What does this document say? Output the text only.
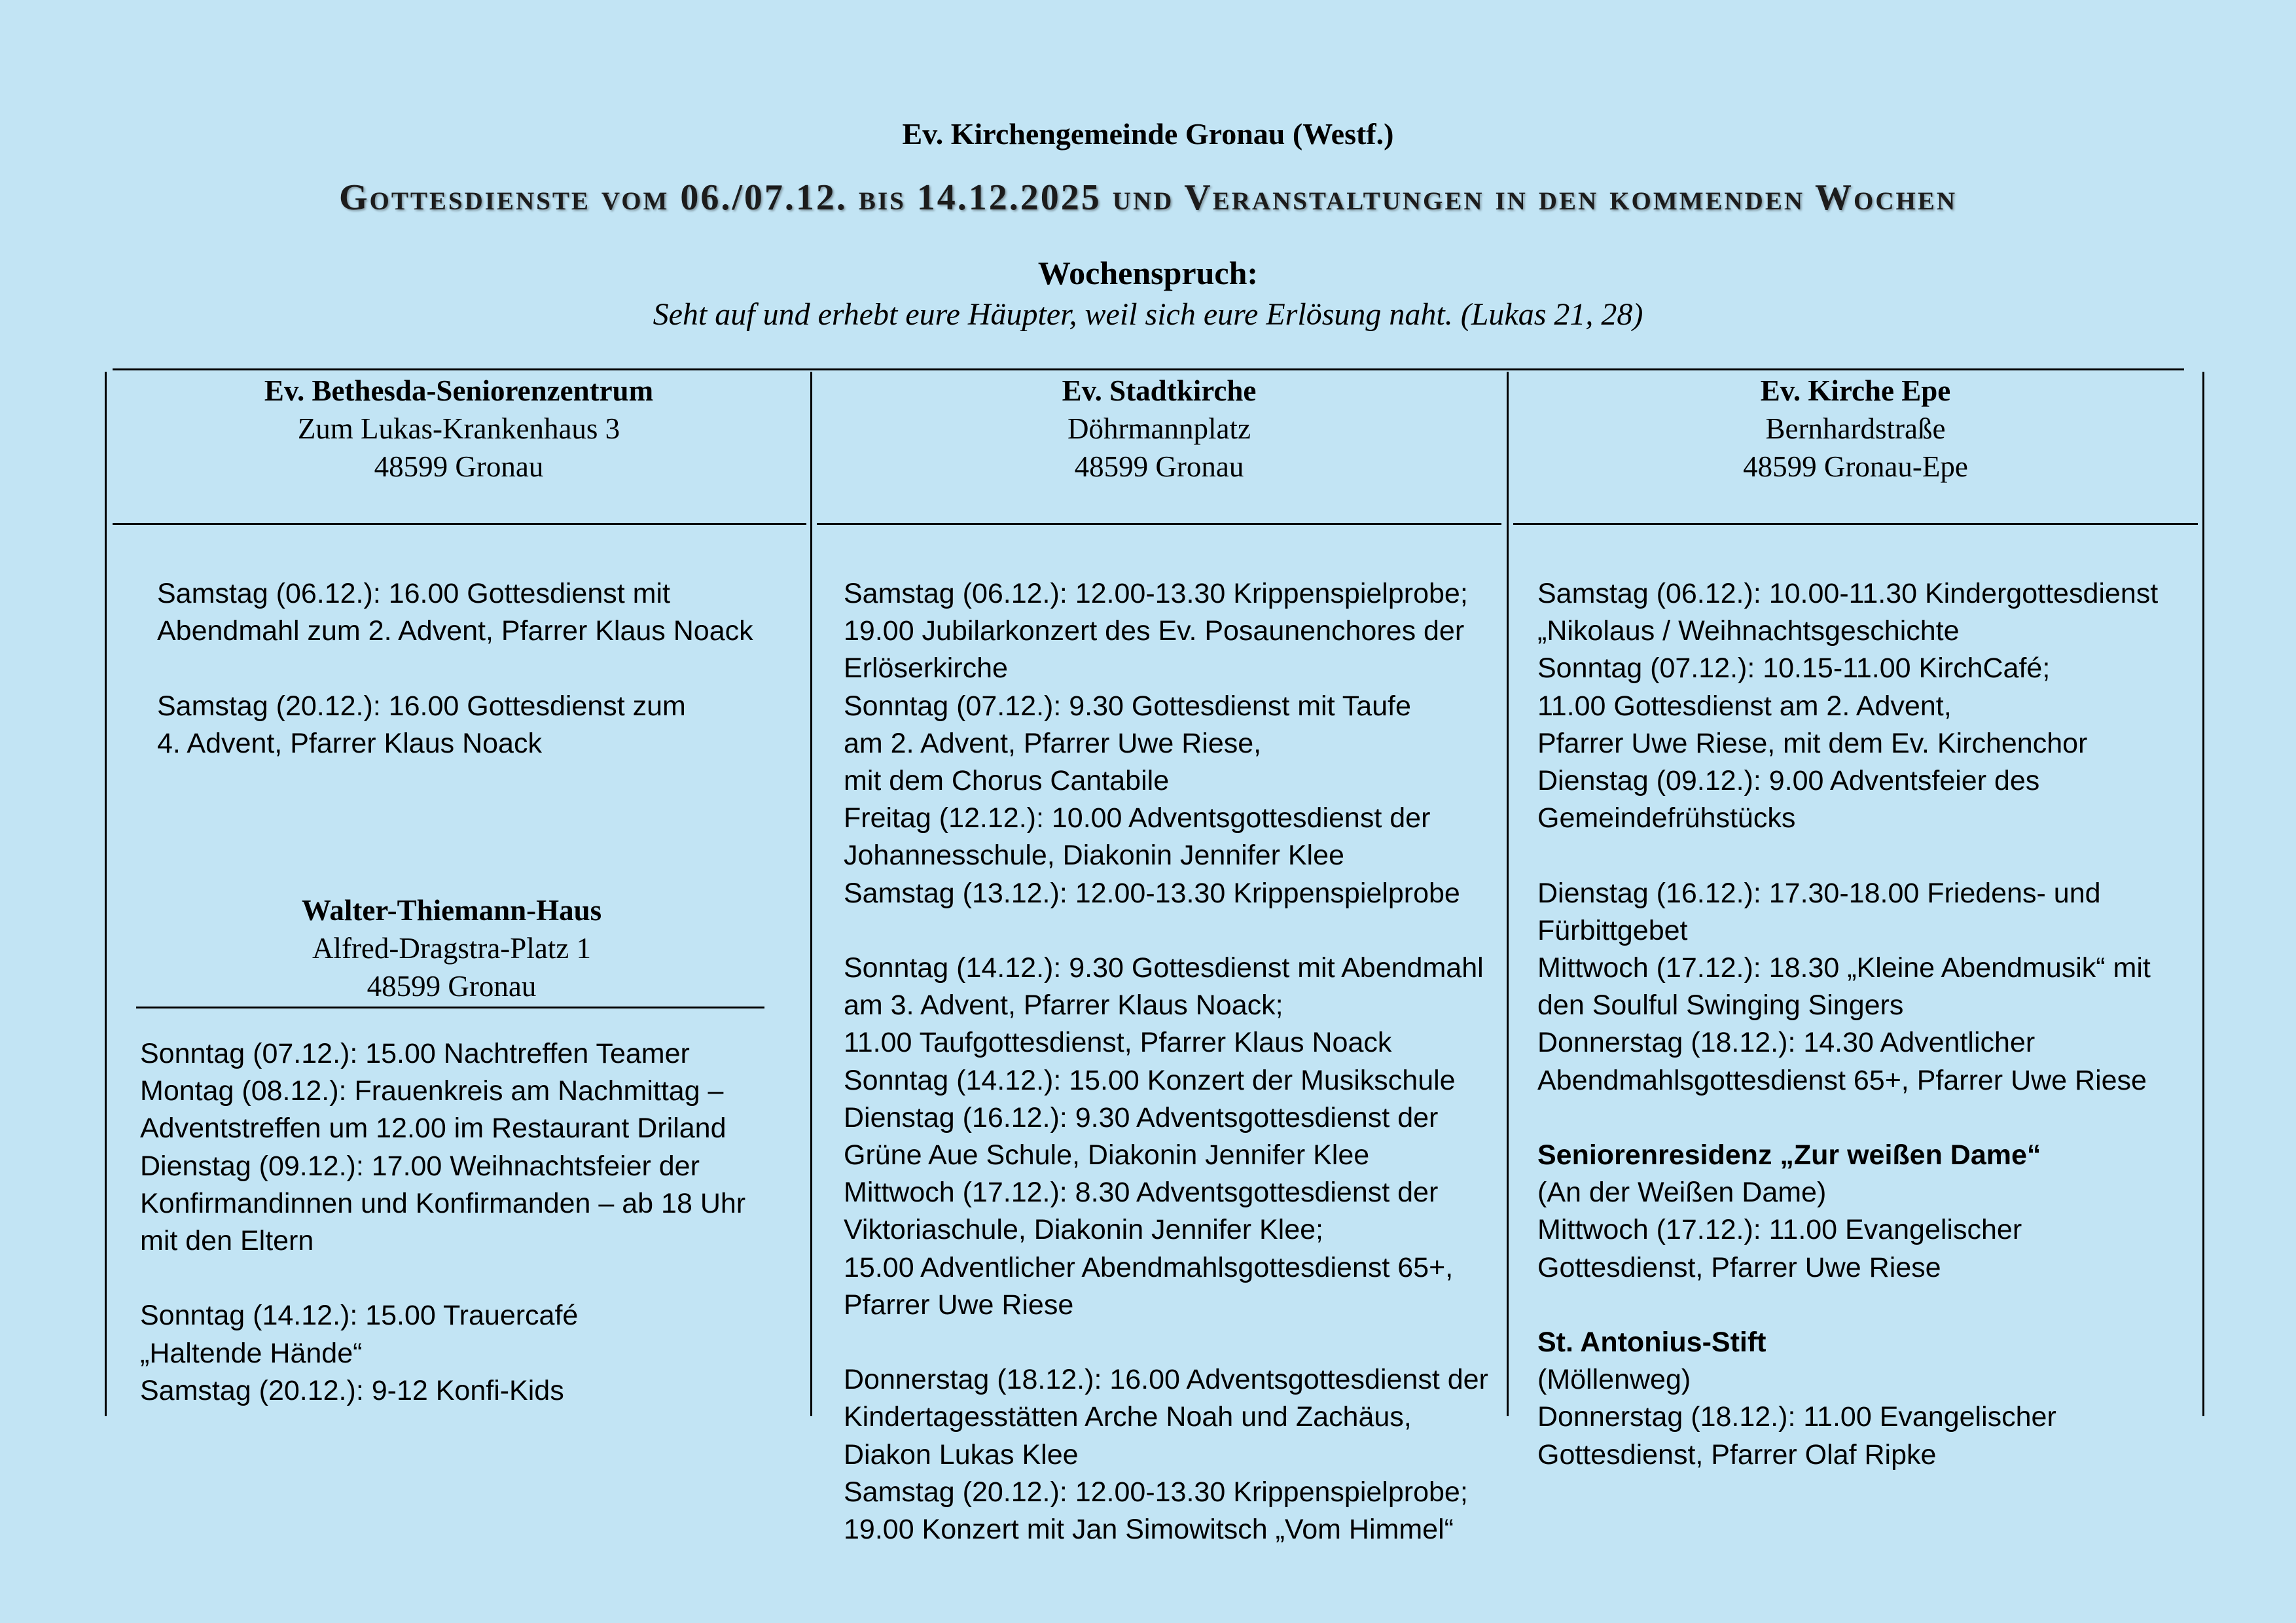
Ev. Kirchengemeinde Gronau (Westf.)
Gottesdienste vom 06./07.12. bis 14.12.2025 und Veranstaltungen in den kommenden Wochen
Wochenspruch:
Seht auf und erhebt eure Häupter, weil sich eure Erlösung naht. (Lukas 21, 28)
Ev. Bethesda-Seniorenzentrum
Zum Lukas-Krankenhaus 3
48599 Gronau
Samstag (06.12.): 16.00 Gottesdienst mit
Abendmahl zum 2. Advent, Pfarrer Klaus Noack
Samstag (20.12.): 16.00 Gottesdienst zum
4. Advent, Pfarrer Klaus Noack
Walter-Thiemann-Haus
Alfred-Dragstra-Platz 1
48599 Gronau
Sonntag (07.12.): 15.00 Nachtreffen Teamer
Montag (08.12.): Frauenkreis am Nachmittag –
Adventstreffen um 12.00 im Restaurant Driland
Dienstag (09.12.): 17.00 Weihnachtsfeier der
Konfirmandinnen und Konfirmanden – ab 18 Uhr
mit den Eltern
Sonntag (14.12.): 15.00 Trauercafé
„Haltende Hände“
Samstag (20.12.): 9-12 Konfi-Kids
Ev. Stadtkirche
Döhrmannplatz
48599 Gronau
Samstag (06.12.): 12.00-13.30 Krippenspielprobe;
19.00 Jubilarkonzert des Ev. Posaunenchores der
Erlöserkirche
Sonntag (07.12.): 9.30 Gottesdienst mit Taufe
am 2. Advent, Pfarrer Uwe Riese,
mit dem Chorus Cantabile
Freitag (12.12.): 10.00 Adventsgottesdienst der
Johannesschule, Diakonin Jennifer Klee
Samstag (13.12.): 12.00-13.30 Krippenspielprobe
Sonntag (14.12.): 9.30 Gottesdienst mit Abendmahl
am 3. Advent, Pfarrer Klaus Noack;
11.00 Taufgottesdienst, Pfarrer Klaus Noack
Sonntag (14.12.): 15.00 Konzert der Musikschule
Dienstag (16.12.): 9.30 Adventsgottesdienst der
Grüne Aue Schule, Diakonin Jennifer Klee
Mittwoch (17.12.): 8.30 Adventsgottesdienst der
Viktoriaschule, Diakonin Jennifer Klee;
15.00 Adventlicher Abendmahlsgottesdienst 65+,
Pfarrer Uwe Riese
Donnerstag (18.12.): 16.00 Adventsgottesdienst der
Kindertagesstätten Arche Noah und Zachäus,
Diakon Lukas Klee
Samstag (20.12.): 12.00-13.30 Krippenspielprobe;
19.00 Konzert mit Jan Simowitsch „Vom Himmel“
Ev. Kirche Epe
Bernhardstraße
48599 Gronau-Epe
Samstag (06.12.): 10.00-11.30 Kindergottesdienst
„Nikolaus / Weihnachtsgeschichte
Sonntag (07.12.): 10.15-11.00 KirchCafé;
11.00 Gottesdienst am 2. Advent,
Pfarrer Uwe Riese, mit dem Ev. Kirchenchor
Dienstag (09.12.): 9.00 Adventsfeier des
Gemeindefrühstücks
Dienstag (16.12.): 17.30-18.00 Friedens- und
Fürbittgebet
Mittwoch (17.12.): 18.30 „Kleine Abendmusik“ mit
den Soulful Swinging Singers
Donnerstag (18.12.): 14.30 Adventlicher
Abendmahlsgottesdienst 65+, Pfarrer Uwe Riese
Seniorenresidenz „Zur weißen Dame“
(An der Weißen Dame)
Mittwoch (17.12.): 11.00 Evangelischer
Gottesdienst, Pfarrer Uwe Riese
St. Antonius-Stift
(Möllenweg)
Donnerstag (18.12.): 11.00 Evangelischer
Gottesdienst, Pfarrer Olaf Ripke
